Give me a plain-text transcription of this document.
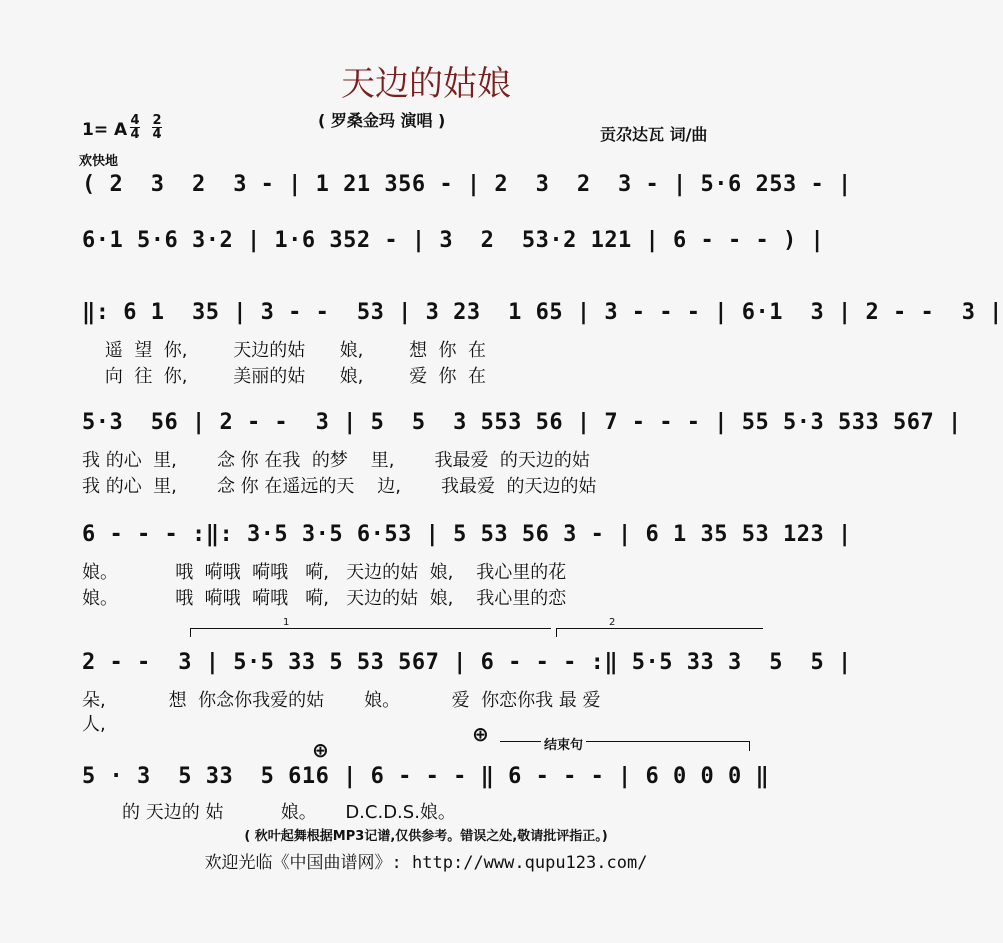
天边的姑娘
( 罗桑金玛 演唱 )
1= A 4
4
2
4
欢快地
贡尕达瓦 词/曲
( 2  3  2  3 - | 1 21 356 - | 2  3  2  3 - | 5·6 253 - |
6·1 5·6 3·2 | 1·6 352 - | 3  2  53·2 121 | 6 - - - ) |
‖: 6 1  35 | 3 - -  53 | 3 23  1 65 | 3 - - - | 6·1  3 | 2 - -  3 |
遥  望  你,        天边的姑      娘,        想  你  在
向  往  你,        美丽的姑      娘,        爱  你  在
5·3  56 | 2 - -  3 | 5  5  3 553 56 | 7 - - - | 55 5·3 533 567 |
我 的心  里,       念 你 在我  的梦    里,       我最爱  的天边的姑
我 的心  里,       念 你 在遥远的天    边,       我最爱  的天边的姑
6 - - - :‖: 3·5 3·5 6·53 | 5 53 56 3 - | 6 1 35 53 123 |
娘。          哦  嗬哦  嗬哦   嗬,   天边的姑  娘,    我心里的花
娘。          哦  嗬哦  嗬哦   嗬,   天边的姑  娘,    我心里的恋
1	2
2 - -  3 | 5·5 33 5 53 567 | 6 - - - :‖ 5·5 33 3  5  5 |
朵,           想  你念你我爱的姑       娘。         爱  你恋你我 最 爱
人,
⊕
⊕	结束句
5 · 3  5 33  5 616 | 6 - - - ‖ 6 - - - | 6 0 0 0 ‖
的 天边的 姑          娘。     D.C.D.S.娘。
( 秋叶起舞根据MP3记谱,仅供参考。错误之处,敬请批评指正。)
欢迎光临《中国曲谱网》: http://www.qupu123.com/
